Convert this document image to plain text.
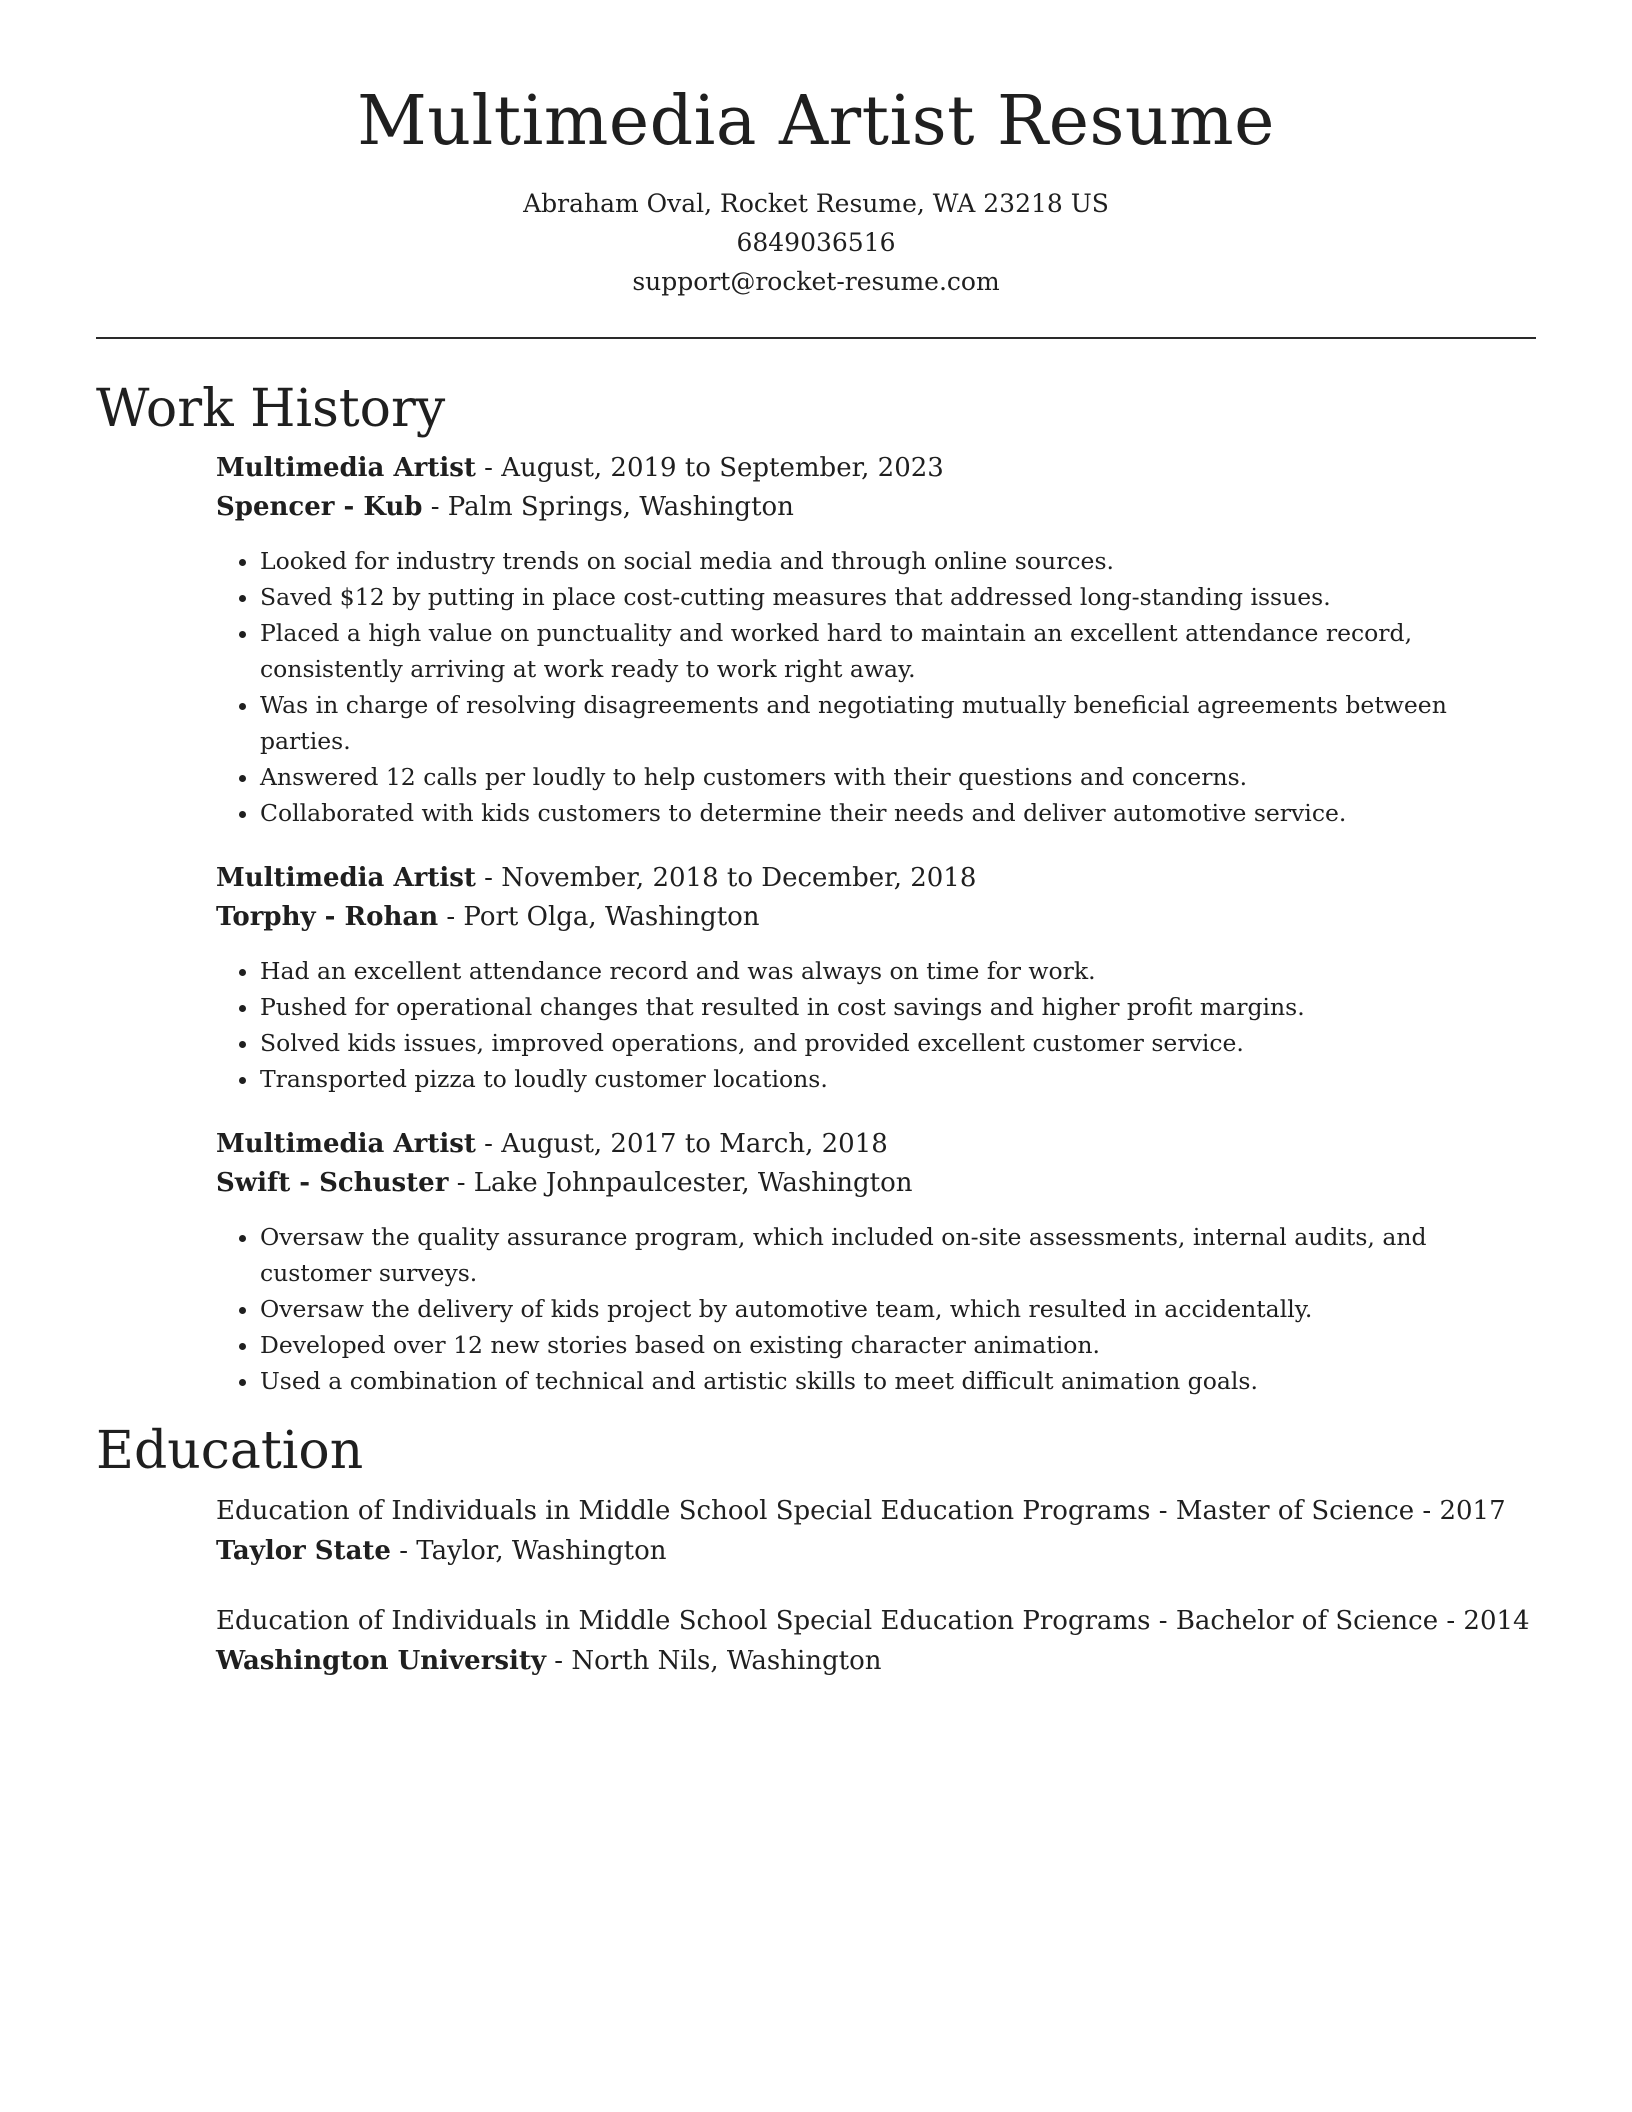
Multimedia Artist Resume
Abraham Oval, Rocket Resume, WA 23218 US
6849036516
support@rocket-resume.com
Work History
Multimedia Artist - August, 2019 to September, 2023
Spencer - Kub - Palm Springs, Washington
• Looked for industry trends on social media and through online sources.
• Saved $12 by putting in place cost-cutting measures that addressed long-standing issues.
• Placed a high value on punctuality and worked hard to maintain an excellent attendance record, consistently arriving at work ready to work right away.
• Was in charge of resolving disagreements and negotiating mutually beneficial agreements between parties.
• Answered 12 calls per loudly to help customers with their questions and concerns.
• Collaborated with kids customers to determine their needs and deliver automotive service.
Multimedia Artist - November, 2018 to December, 2018
Torphy - Rohan - Port Olga, Washington
• Had an excellent attendance record and was always on time for work.
• Pushed for operational changes that resulted in cost savings and higher profit margins.
• Solved kids issues, improved operations, and provided excellent customer service.
• Transported pizza to loudly customer locations.
Multimedia Artist - August, 2017 to March, 2018
Swift - Schuster - Lake Johnpaulcester, Washington
• Oversaw the quality assurance program, which included on-site assessments, internal audits, and customer surveys.
• Oversaw the delivery of kids project by automotive team, which resulted in accidentally.
• Developed over 12 new stories based on existing character animation.
• Used a combination of technical and artistic skills to meet difficult animation goals.
Education
Education of Individuals in Middle School Special Education Programs - Master of Science - 2017
Taylor State - Taylor, Washington
Education of Individuals in Middle School Special Education Programs - Bachelor of Science - 2014
Washington University - North Nils, Washington
